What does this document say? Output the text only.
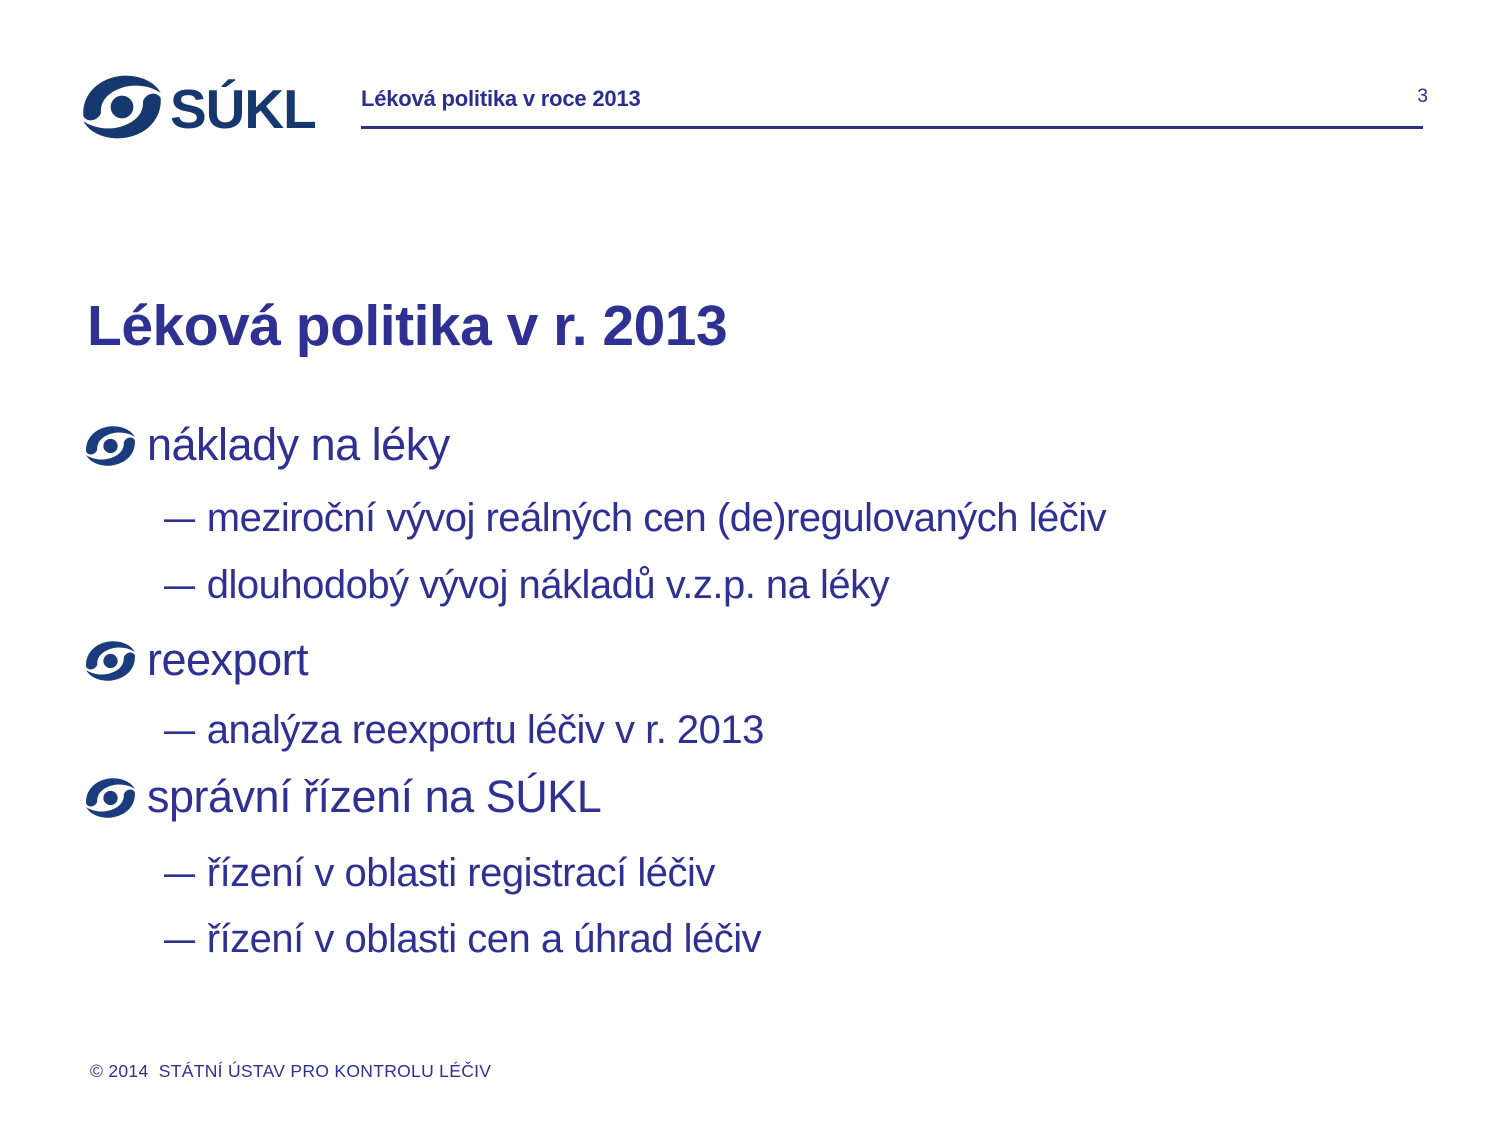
SÚKL Léková politika v roce 2013	3
Léková politika v r. 2013
náklady na léky
– meziroční vývoj reálných cen (de)regulovaných léčiv
– dlouhodobý vývoj nákladů v.z.p. na léky
reexport
– analýza reexportu léčiv v r. 2013
správní řízení na SÚKL
– řízení v oblasti registrací léčiv
– řízení v oblasti cen a úhrad léčiv
© 2014  STÁTNÍ ÚSTAV PRO KONTROLU LÉČIV
